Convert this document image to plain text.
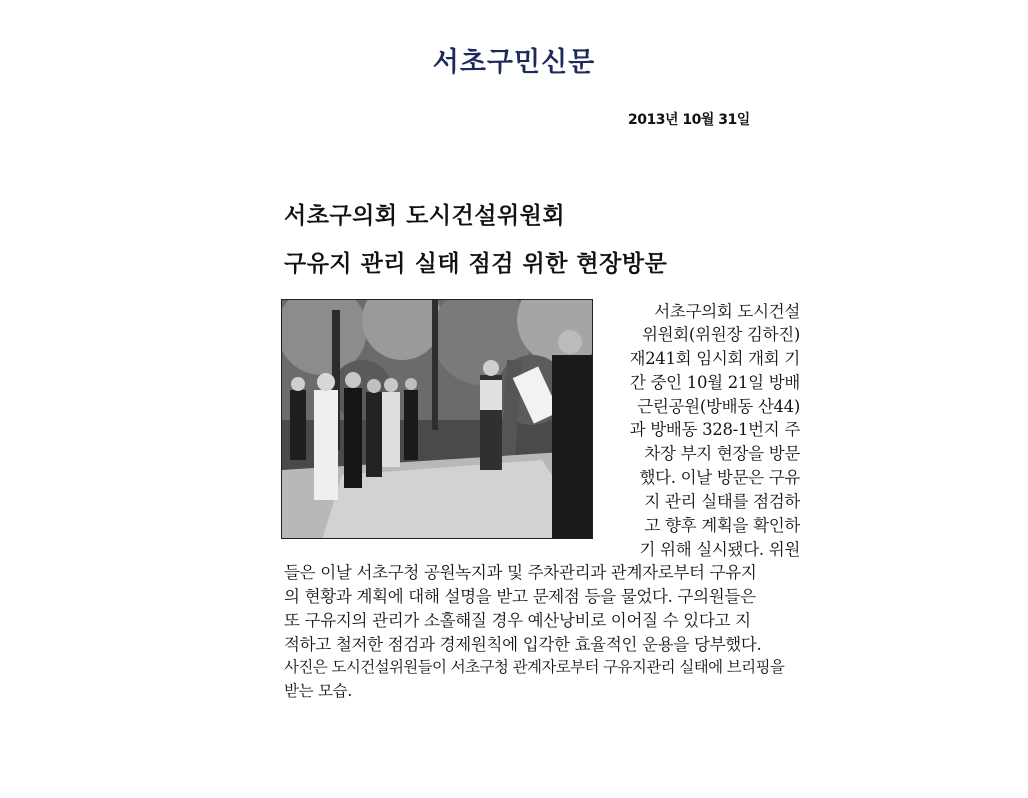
서초구민신문
2013년 10월 31일
서초구의회 도시건설위원회
구유지 관리 실태 점검 위한 현장방문
서초구의회 도시건설
위원회(위원장 김하진)
재241회 임시회 개회 기
간 중인 10월 21일 방배
근린공원(방배동 산44)
과 방배동 328-1번지 주
차장 부지 현장을 방문
했다. 이날 방문은 구유
지 관리 실태를 점검하
고 향후 계획을 확인하
기 위해 실시됐다. 위원
들은 이날 서초구청 공원녹지과 및 주차관리과 관계자로부터 구유지
의 현황과 계획에 대해 설명을 받고 문제점 등을 물었다. 구의원들은
또 구유지의 관리가 소홀해질 경우 예산낭비로 이어질 수 있다고 지
적하고 철저한 점검과 경제원칙에 입각한 효율적인 운용을 당부했다.
사진은 도시건설위원들이 서초구청 관계자로부터 구유지관리 실태에 브리핑을
받는 모습.
